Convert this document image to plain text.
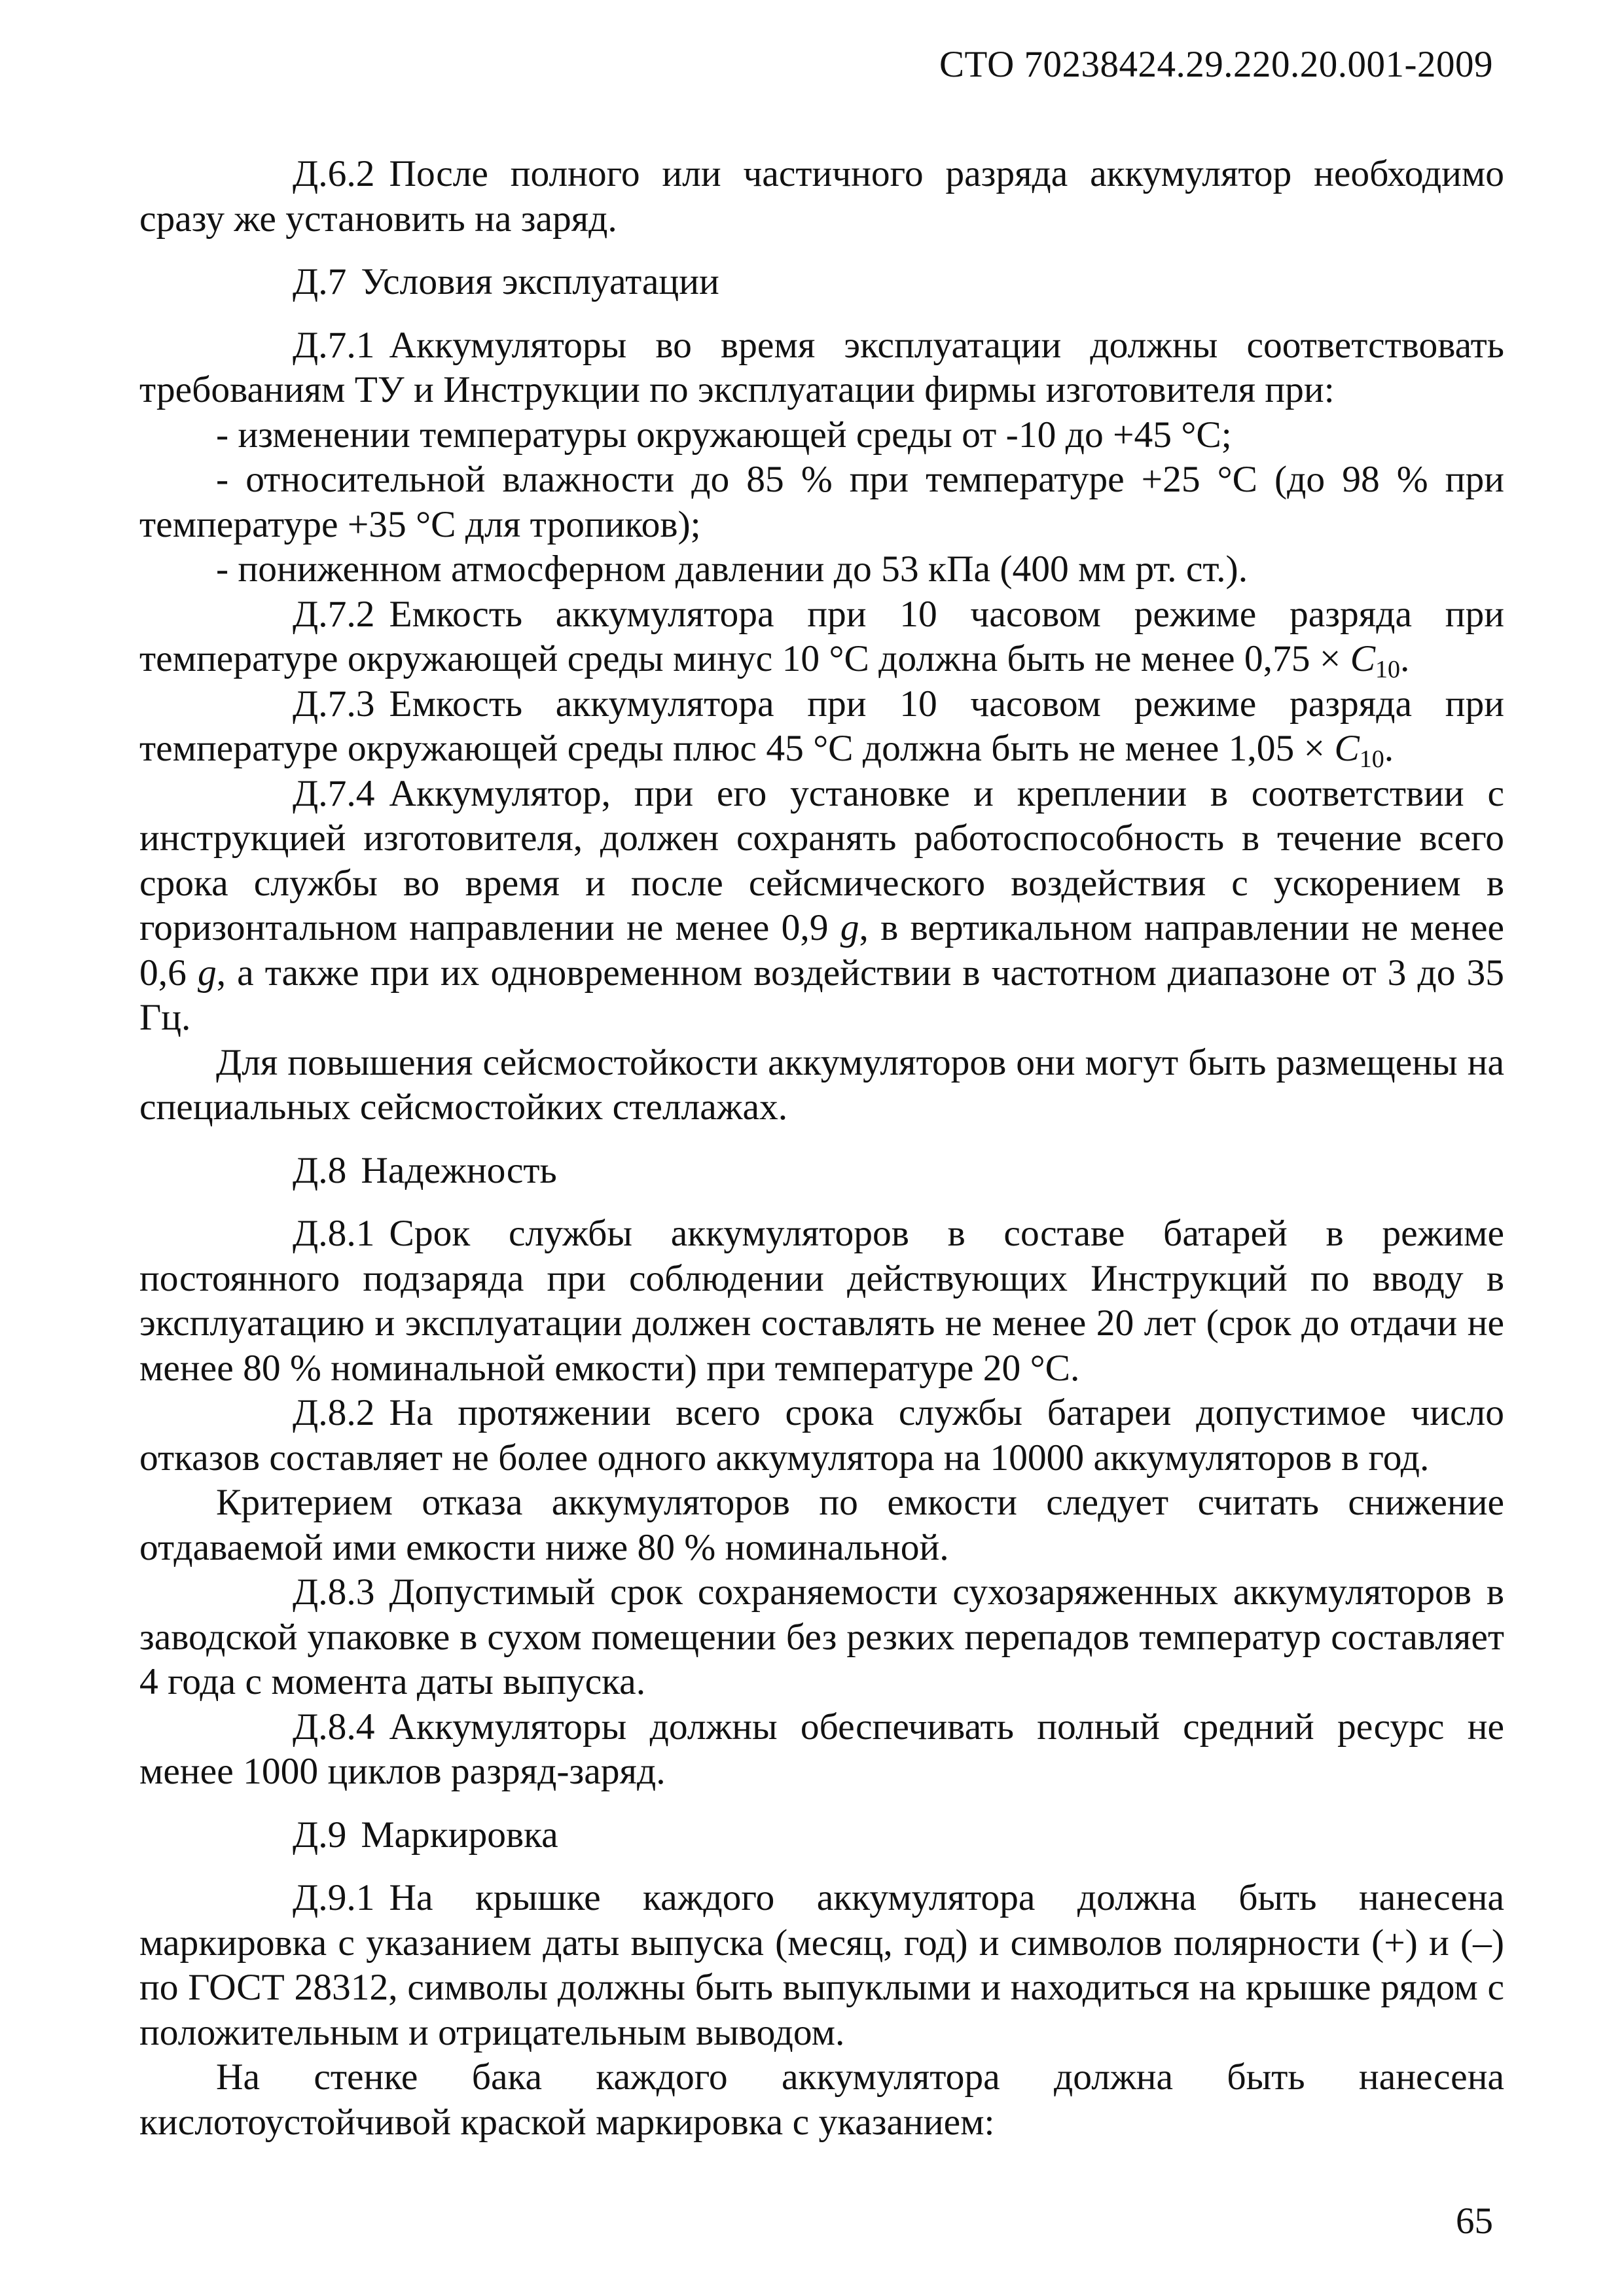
СТО 70238424.29.220.20.001-2009

Д.6.2 После полного или частичного разряда аккумулятор необходимо сразу же установить на заряд.

Д.7 Условия эксплуатации

Д.7.1 Аккумуляторы во время эксплуатации должны соответствовать требованиям ТУ и Инструкции по эксплуатации фирмы изготовителя при:

- изменении температуры окружающей среды от -10 до +45 °С;

- относительной влажности до 85 % при температуре +25 °С (до 98 % при температуре +35 °С для тропиков);

- пониженном атмосферном давлении до 53 кПа (400 мм рт. ст.).

Д.7.2 Емкость аккумулятора при 10 часовом режиме разряда при температуре окружающей среды минус 10 °С должна быть не менее $0,75 \times C_{10}$.

Д.7.3 Емкость аккумулятора при 10 часовом режиме разряда при температуре окружающей среды плюс 45 °С должна быть не менее $1,05 \times C_{10}$.

Д.7.4 Аккумулятор, при его установке и креплении в соответствии с инструкцией изготовителя, должен сохранять работоспособность в течение всего срока службы во время и после сейсмического воздействия с ускорением в горизонтальном направлении не менее 0,9 g, в вертикальном направлении не менее 0,6 g, а также при их одновременном воздействии в частотном диапазоне от 3 до 35 Гц.

Для повышения сейсмостойкости аккумуляторов они могут быть размещены на специальных сейсмостойких стеллажах.

Д.8 Надежность

Д.8.1 Срок службы аккумуляторов в составе батарей в режиме постоянного подзаряда при соблюдении действующих Инструкций по вводу в эксплуатацию и эксплуатации должен составлять не менее 20 лет (срок до отдачи не менее 80 % номинальной емкости) при температуре 20 °С.

Д.8.2 На протяжении всего срока службы батареи допустимое число отказов составляет не более одного аккумулятора на 10000 аккумуляторов в год.

Критерием отказа аккумуляторов по емкости следует считать снижение отдаваемой ими емкости ниже 80 % номинальной.

Д.8.3 Допустимый срок сохраняемости сухозаряженных аккумуляторов в заводской упаковке в сухом помещении без резких перепадов температур составляет 4 года с момента даты выпуска.

Д.8.4 Аккумуляторы должны обеспечивать полный средний ресурс не менее 1000 циклов разряд-заряд.

Д.9 Маркировка

Д.9.1 На крышке каждого аккумулятора должна быть нанесена маркировка с указанием даты выпуска (месяц, год) и символов полярности (+) и (–) по ГОСТ 28312, символы должны быть выпуклыми и находиться на крышке рядом с положительным и отрицательным выводом.

На стенке бака каждого аккумулятора должна быть нанесена кислотоустойчивой краской маркировка с указанием:

65
